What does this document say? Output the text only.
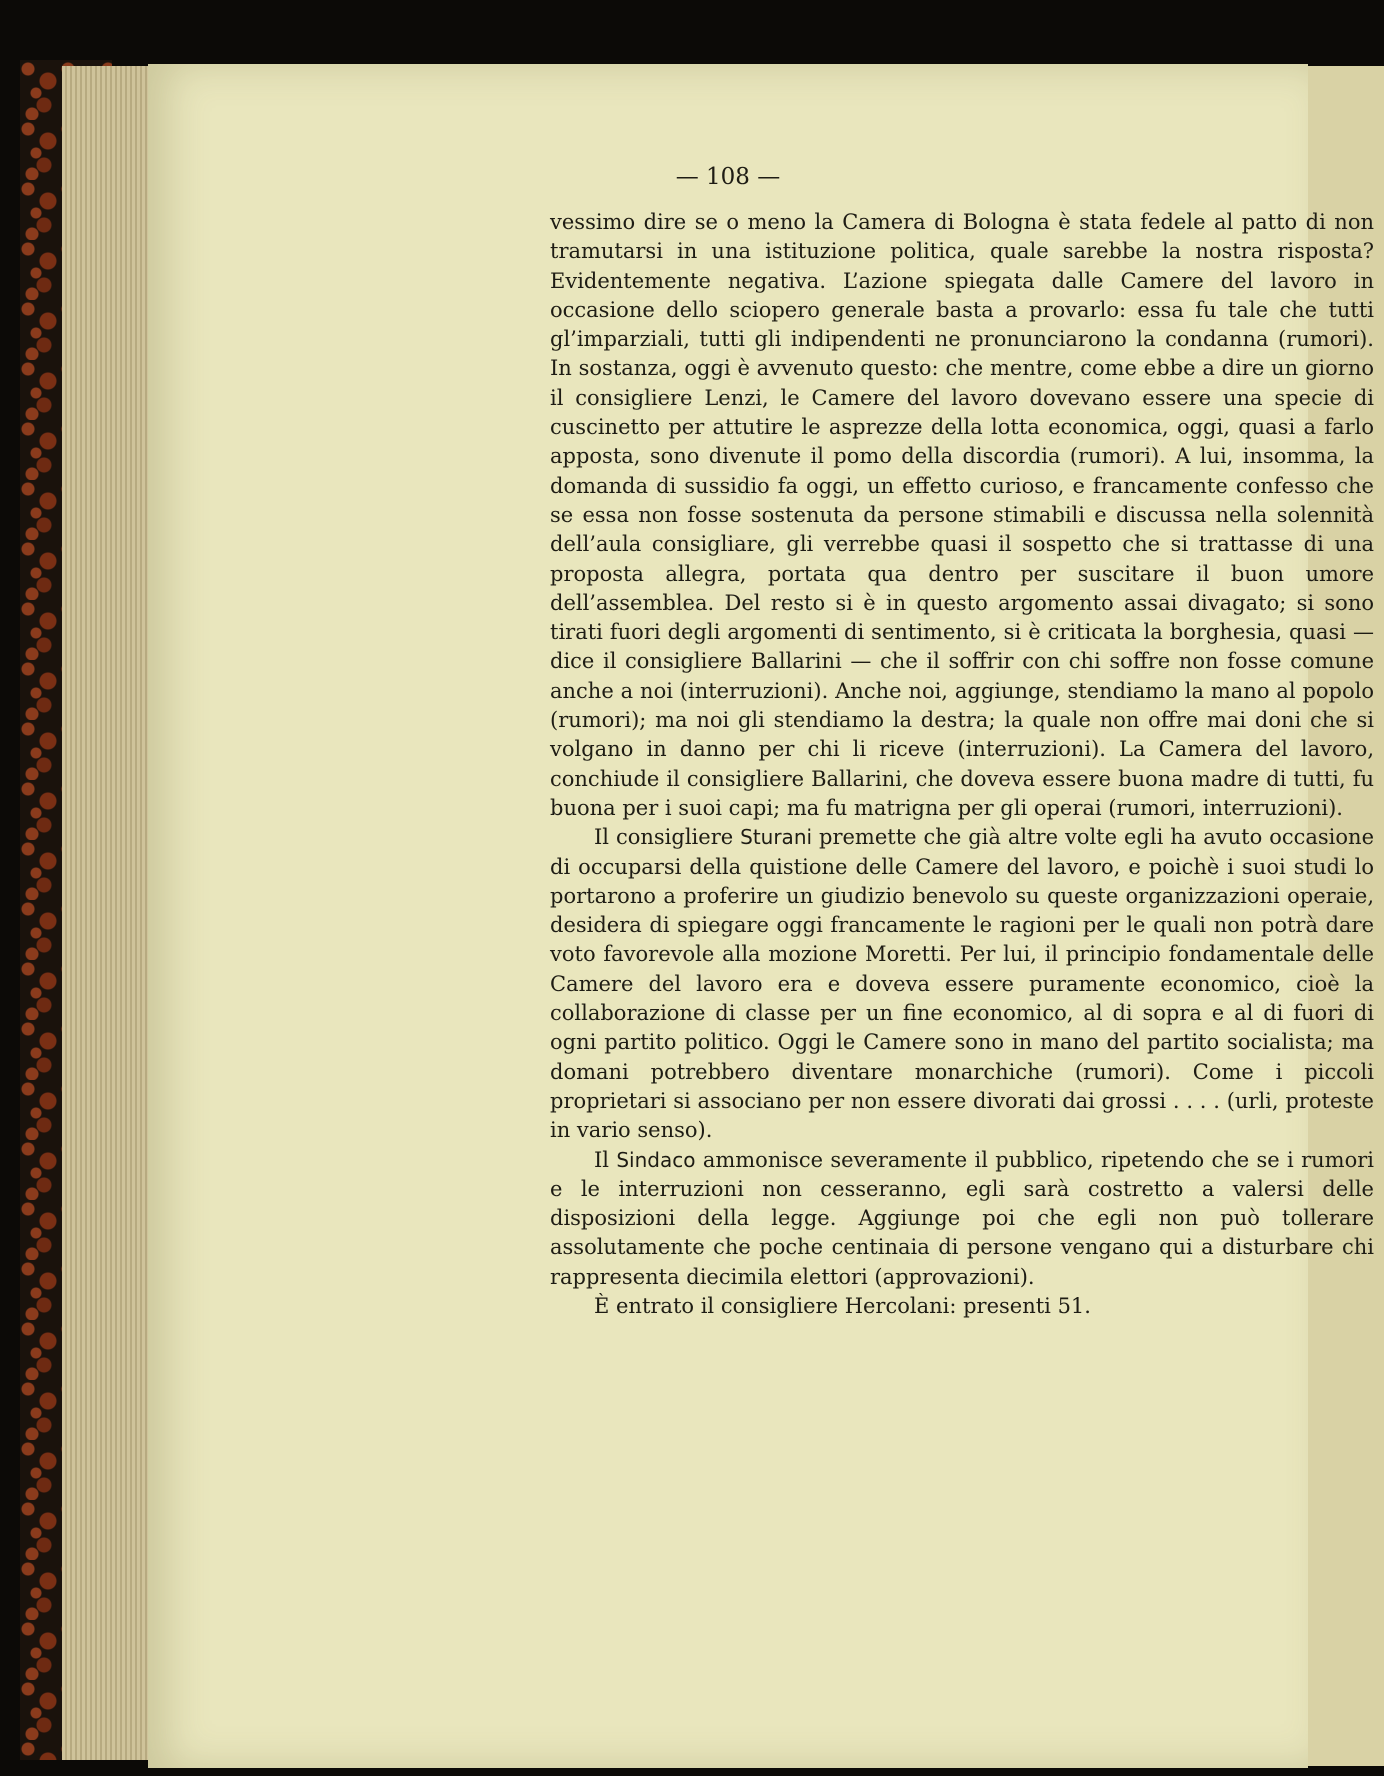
— 108 —

vessimo dire se o meno la Camera di Bologna è stata fedele al patto di non tramutarsi in una istituzione politica, quale sarebbe la nostra risposta? Evidentemente negativa. L’azione spiegata dalle Camere del lavoro in occasione dello sciopero generale basta a provarlo: essa fu tale che tutti gl’imparziali, tutti gli indipendenti ne pronunciarono la condanna (rumori). In sostanza, oggi è avvenuto questo: che mentre, come ebbe a dire un giorno il consigliere Lenzi, le Camere del lavoro dovevano essere una specie di cuscinetto per attutire le asprezze della lotta economica, oggi, quasi a farlo apposta, sono divenute il pomo della discordia (rumori). A lui, insomma, la domanda di sussidio fa oggi, un effetto curioso, e francamente confesso che se essa non fosse sostenuta da persone stimabili e discussa nella solennità dell’aula consigliare, gli verrebbe quasi il sospetto che si trattasse di una proposta allegra, portata qua dentro per suscitare il buon umore dell’assemblea. Del resto si è in questo argomento assai divagato; si sono tirati fuori degli argomenti di sentimento, si è criticata la borghesia, quasi — dice il consigliere Ballarini — che il soffrir con chi soffre non fosse comune anche a noi (interruzioni). Anche noi, aggiunge, stendiamo la mano al popolo (rumori); ma noi gli stendiamo la destra; la quale non offre mai doni che si volgano in danno per chi li riceve (interruzioni). La Camera del lavoro, conchiude il consigliere Ballarini, che doveva essere buona madre di tutti, fu buona per i suoi capi; ma fu matrigna per gli operai (rumori, interruzioni).

Il consigliere Sturani premette che già altre volte egli ha avuto occasione di occuparsi della quistione delle Camere del lavoro, e poichè i suoi studi lo portarono a proferire un giudizio benevolo su queste organizzazioni operaie, desidera di spiegare oggi francamente le ragioni per le quali non potrà dare voto favorevole alla mozione Moretti. Per lui, il principio fondamentale delle Camere del lavoro era e doveva essere puramente economico, cioè la collaborazione di classe per un fine economico, al di sopra e al di fuori di ogni partito politico. Oggi le Camere sono in mano del partito socialista; ma domani potrebbero diventare monarchiche (rumori). Come i piccoli proprietari si associano per non essere divorati dai grossi . . . . (urli, proteste in vario senso).

Il Sindaco ammonisce severamente il pubblico, ripetendo che se i rumori e le interruzioni non cesseranno, egli sarà costretto a valersi delle disposizioni della legge. Aggiunge poi che egli non può tollerare assolutamente che poche centinaia di persone vengano qui a disturbare chi rappresenta diecimila elettori (approvazioni).

È entrato il consigliere Hercolani: presenti 51.
